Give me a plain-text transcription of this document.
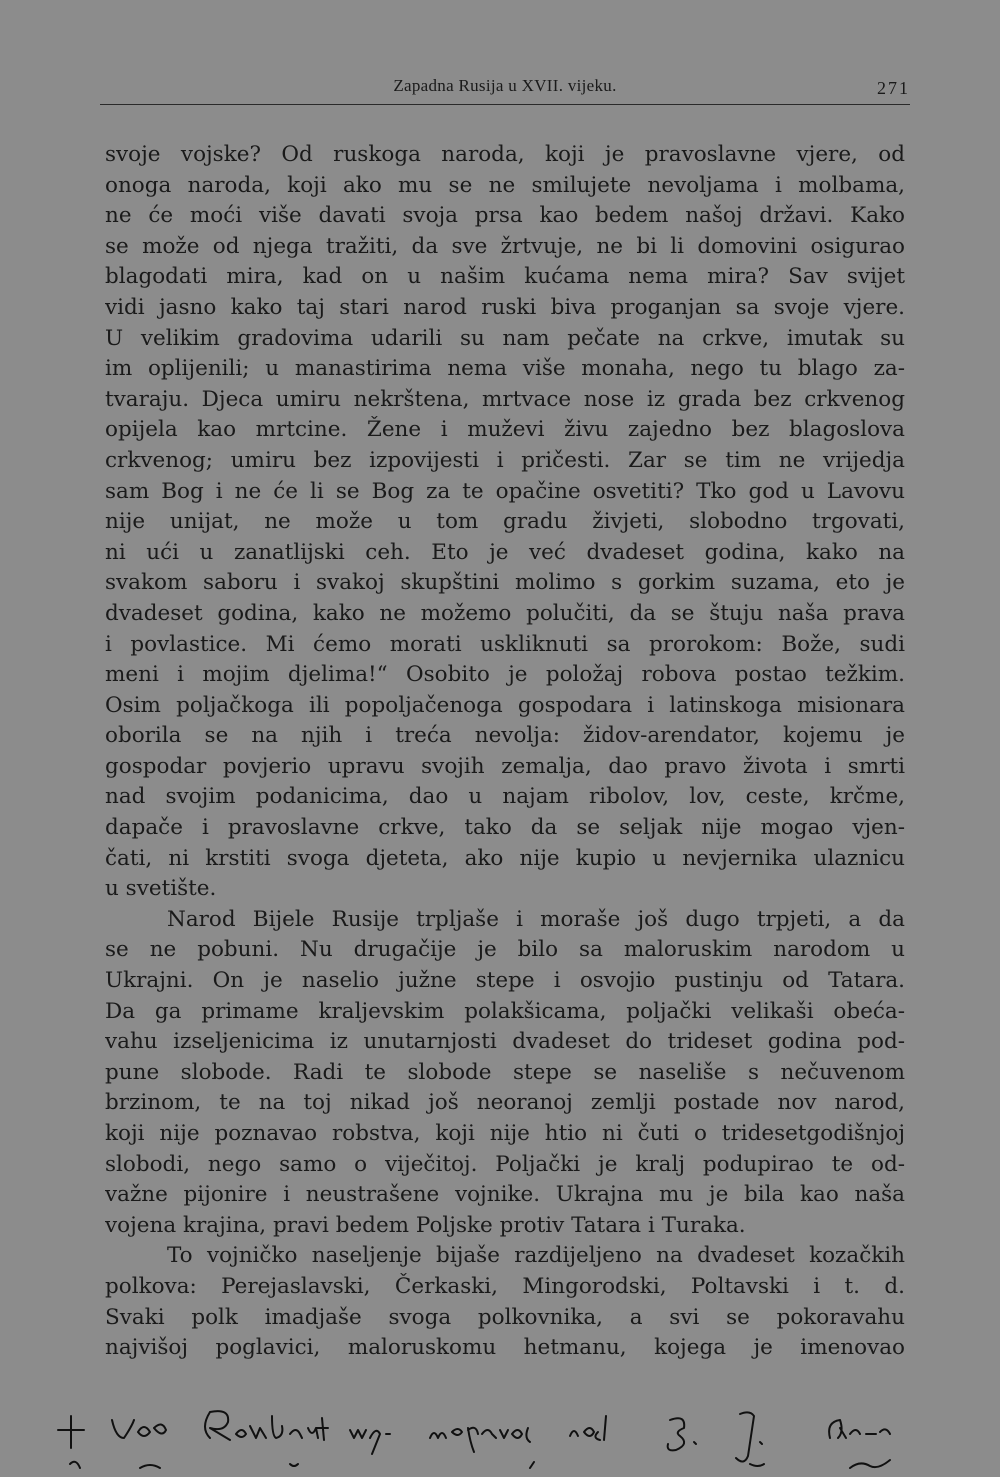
Zapadna Rusija u XVII. vijeku.	271
svoje vojske? Od ruskoga naroda, koji je pravoslavne vjere, od
onoga naroda, koji ako mu se ne smilujete nevoljama i molbama,
ne će moći više davati svoja prsa kao bedem našoj državi. Kako
se može od njega tražiti, da sve žrtvuje, ne bi li domovini osigurao
blagodati mira, kad on u našim kućama nema mira? Sav svijet
vidi jasno kako taj stari narod ruski biva proganjan sa svoje vjere.
U velikim gradovima udarili su nam pečate na crkve, imutak su
im oplijenili; u manastirima nema više monaha, nego tu blago za-
tvaraju. Djeca umiru nekrštena, mrtvace nose iz grada bez crkvenog
opijela kao mrtcine. Žene i muževi živu zajedno bez blagoslova
crkvenog; umiru bez izpovijesti i pričesti. Zar se tim ne vrijedja
sam Bog i ne će li se Bog za te opačine osvetiti? Tko god u Lavovu
nije unijat, ne može u tom gradu živjeti, slobodno trgovati,
ni ući u zanatlijski ceh. Eto je već dvadeset godina, kako na
svakom saboru i svakoj skupštini molimo s gorkim suzama, eto je
dvadeset godina, kako ne možemo polučiti, da se štuju naša prava
i povlastice. Mi ćemo morati uskliknuti sa prorokom: Bože, sudi
meni i mojim djelima!“ Osobito je položaj robova postao težkim.
Osim poljačkoga ili popoljačenoga gospodara i latinskoga misionara
oborila se na njih i treća nevolja: židov-arendator, kojemu je
gospodar povjerio upravu svojih zemalja, dao pravo života i smrti
nad svojim podanicima, dao u najam ribolov, lov, ceste, krčme,
dapače i pravoslavne crkve, tako da se seljak nije mogao vjen-
čati, ni krstiti svoga djeteta, ako nije kupio u nevjernika ulaznicu
u svetište.
Narod Bijele Rusije trpljaše i moraše još dugo trpjeti, a da
se ne pobuni. Nu drugačije je bilo sa maloruskim narodom u
Ukrajni. On je naselio južne stepe i osvojio pustinju od Tatara.
Da ga primame kraljevskim polakšicama, poljački velikaši obeća-
vahu izseljenicima iz unutarnjosti dvadeset do trideset godina pod-
pune slobode. Radi te slobode stepe se naseliše s nečuvenom
brzinom, te na toj nikad još neoranoj zemlji postade nov narod,
koji nije poznavao robstva, koji nije htio ni čuti o tridesetgodišnjoj
slobodi, nego samo o viječitoj. Poljački je kralj podupirao te od-
važne pijonire i neustrašene vojnike. Ukrajna mu je bila kao naša
vojena krajina, pravi bedem Poljske protiv Tatara i Turaka.
To vojničko naseljenje bijaše razdijeljeno na dvadeset kozačkih
polkova: Perejaslavski, Čerkaski, Mingorodski, Poltavski i t. d.
Svaki polk imadjaše svoga polkovnika, a svi se pokoravahu
najvišoj poglavici, maloruskomu hetmanu, kojega je imenovao
